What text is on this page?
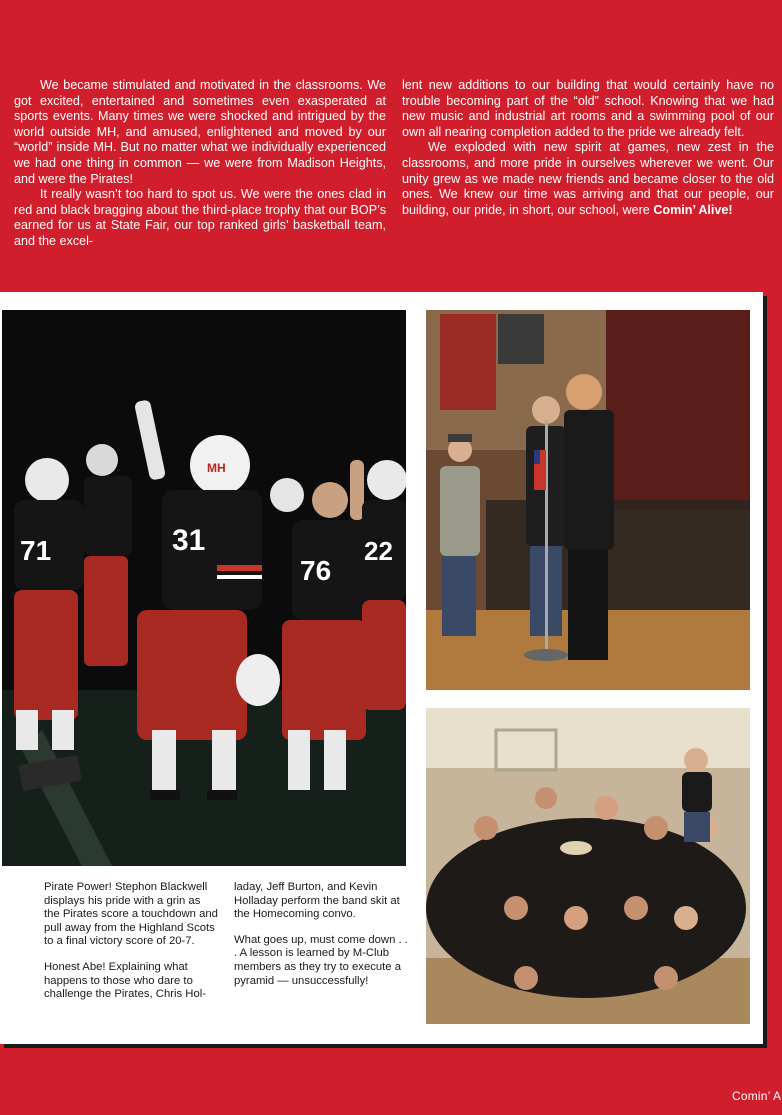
We became stimulated and motivated in the classrooms. We got excited, entertained and sometimes even exasperated at sports events. Many times we were shocked and intrigued by the world outside MH, and amused, enlightened and moved by our “world” inside MH. But no matter what we individually experienced we had one thing in common — we were from Madison Heights, and were the Pirates!

It really wasn’t too hard to spot us. We were the ones clad in red and black bragging about the third-place trophy that our BOP’s earned for us at State Fair, our top ranked girls’ basketball team, and the excel-

lent new additions to our building that would certainly have no trouble becoming part of the “old” school. Knowing that we had new music and industrial art rooms and a swimming pool of our own all nearing completion added to the pride we already felt.

We exploded with new spirit at games, new zest in the classrooms, and more pride in ourselves wherever we went. Our unity grew as we made new friends and became closer to the old ones. We knew our time was arriving and that our people, our building, our pride, in short, our school, were Comin’ Alive!

71
MH
31
76
22

Pirate Power! Stephon Blackwell displays his pride with a grin as the Pirates score a touchdown and pull away from the Highland Scots to a final victory score of 20-7.

Honest Abe! Explaining what happens to those who dare to challenge the Pirates, Chris Hol-

laday, Jeff Burton, and Kevin Holladay perform the band skit at the Homecoming convo.

What goes up, must come down . . . A lesson is learned by M-Club members as they try to execute a pyramid — unsuccessfully!

Comin’ A
